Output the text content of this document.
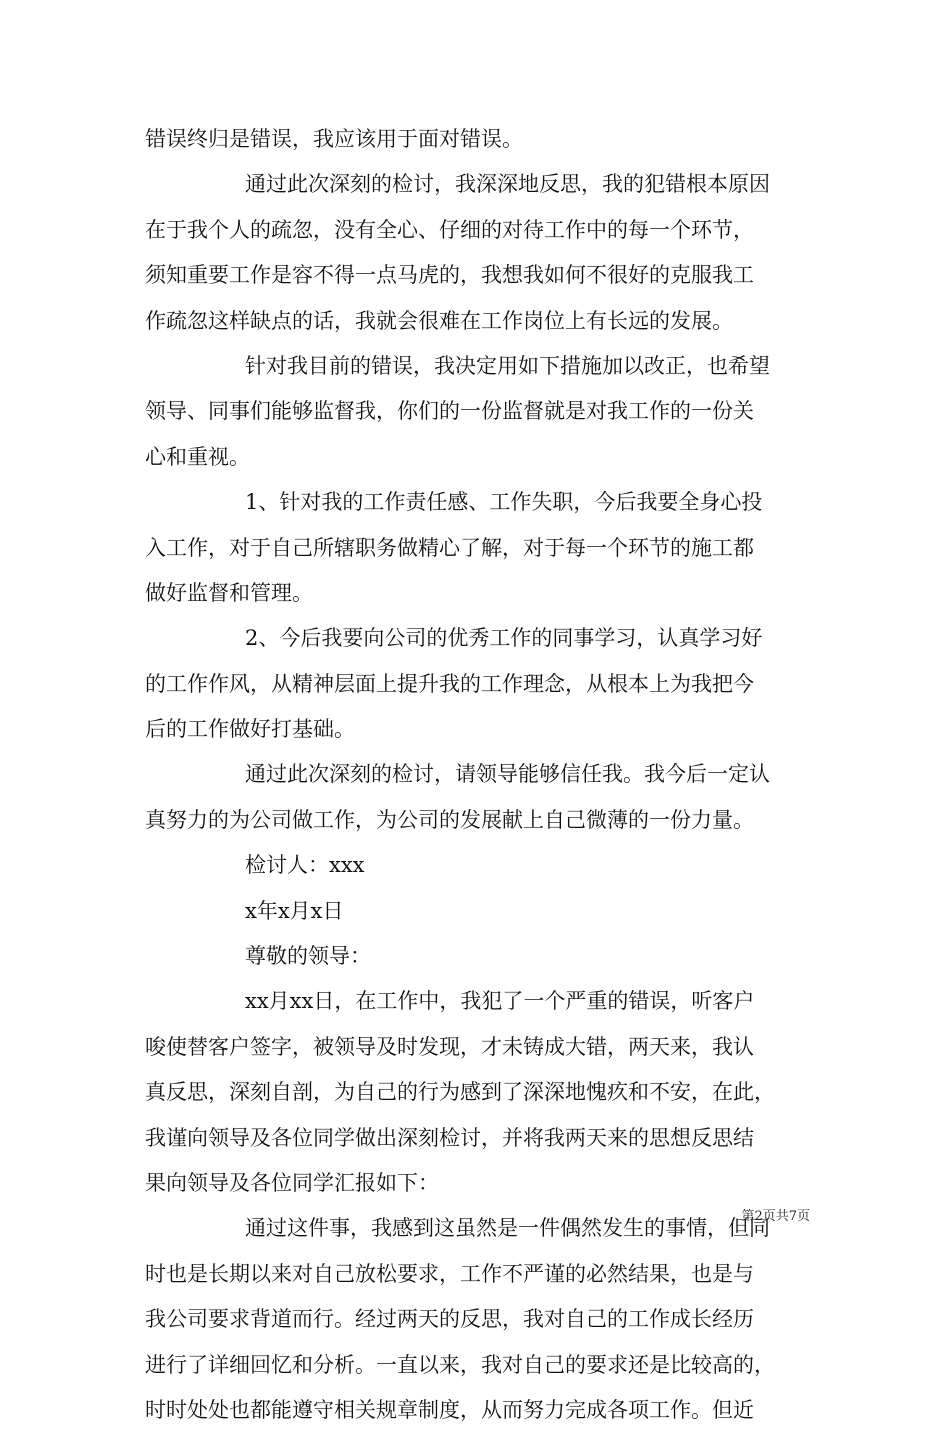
错误终归是错误，我应该用于面对错误。
通过此次深刻的检讨，我深深地反思，我的犯错根本原因
在于我个人的疏忽，没有全心、仔细的对待工作中的每一个环节，
须知重要工作是容不得一点马虎的，我想我如何不很好的克服我工
作疏忽这样缺点的话，我就会很难在工作岗位上有长远的发展。
针对我目前的错误，我决定用如下措施加以改正，也希望
领导、同事们能够监督我，你们的一份监督就是对我工作的一份关
心和重视。
1、针对我的工作责任感、工作失职，今后我要全身心投
入工作，对于自己所辖职务做精心了解，对于每一个环节的施工都
做好监督和管理。
2、今后我要向公司的优秀工作的同事学习，认真学习好
的工作作风，从精神层面上提升我的工作理念，从根本上为我把今
后的工作做好打基础。
通过此次深刻的检讨，请领导能够信任我。我今后一定认
真努力的为公司做工作，为公司的发展献上自己微薄的一份力量。
检讨人：xxx
x年x月x日
尊敬的领导：
xx月xx日，在工作中，我犯了一个严重的错误，听客户
唆使替客户签字，被领导及时发现，才未铸成大错，两天来，我认
真反思，深刻自剖，为自己的行为感到了深深地愧疚和不安，在此，
我谨向领导及各位同学做出深刻检讨，并将我两天来的思想反思结
果向领导及各位同学汇报如下：
通过这件事，我感到这虽然是一件偶然发生的事情，但同
时也是长期以来对自己放松要求，工作不严谨的必然结果，也是与
我公司要求背道而行。经过两天的反思，我对自己的工作成长经历
进行了详细回忆和分析。一直以来，我对自己的要求还是比较高的，
时时处处也都能遵守相关规章制度，从而努力完成各项工作。但近
第2页共7页
